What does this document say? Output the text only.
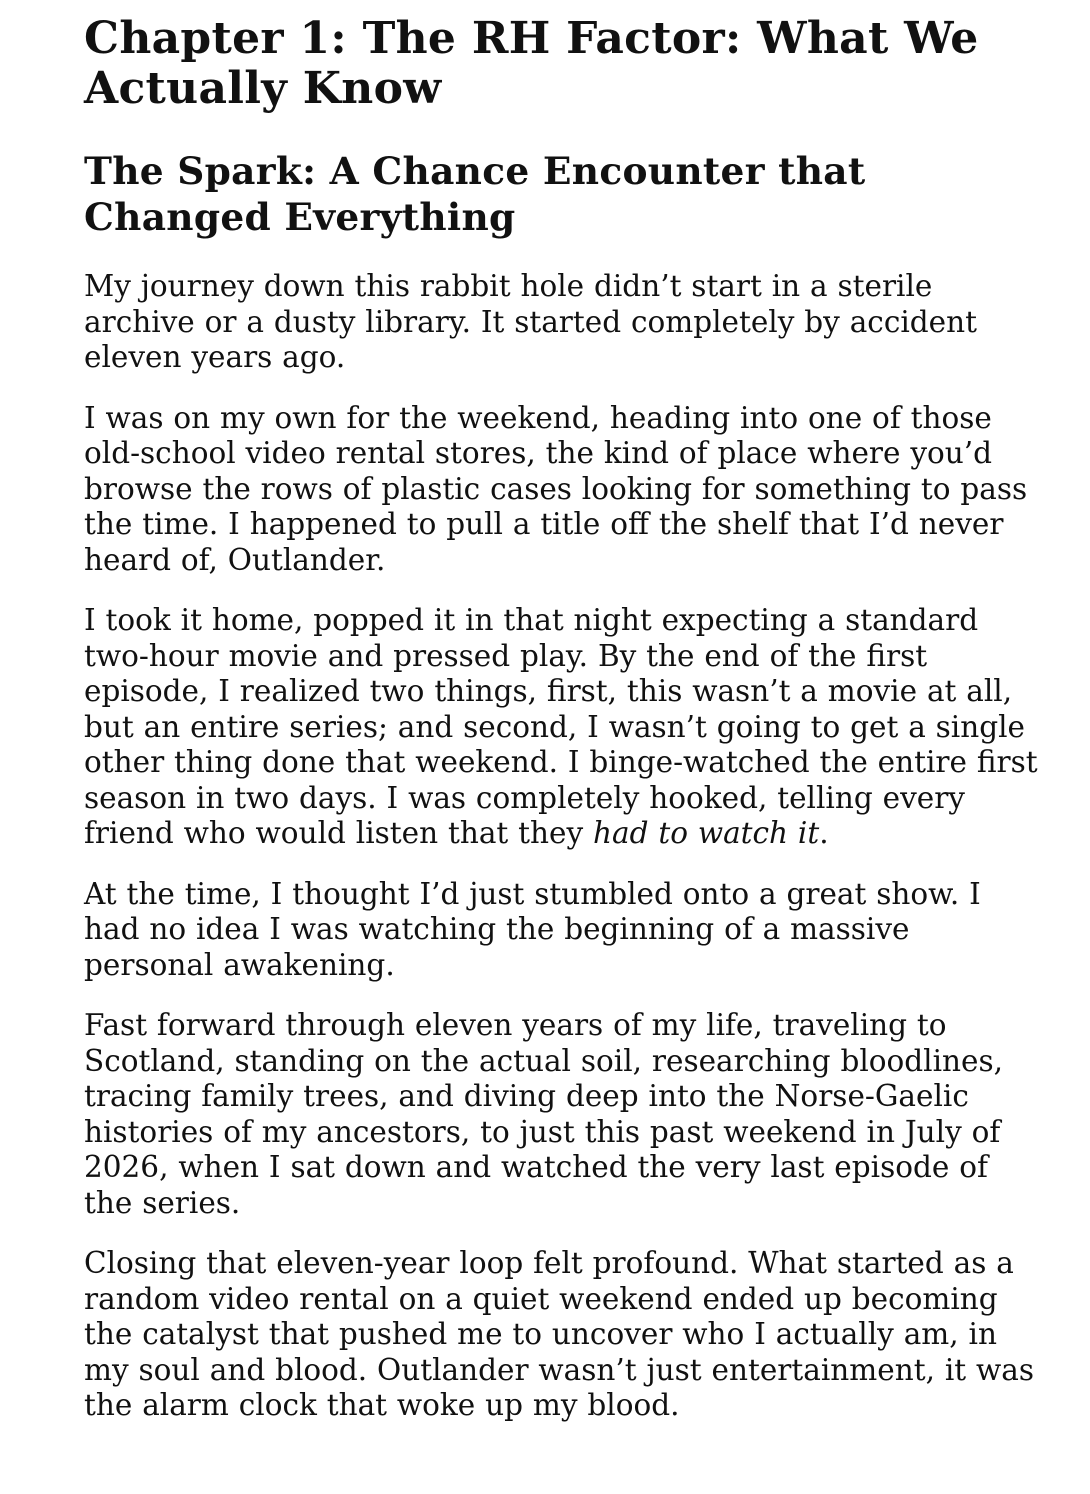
Chapter 1: The RH Factor: What We Actually Know
The Spark: A Chance Encounter that Changed Everything

My journey down this rabbit hole didn’t start in a sterile archive or a dusty library. It started completely by accident eleven years ago.

I was on my own for the weekend, heading into one of those old-school video rental stores, the kind of place where you’d browse the rows of plastic cases looking for something to pass the time. I happened to pull a title off the shelf that I’d never heard of, Outlander.

I took it home, popped it in that night expecting a standard two-hour movie and pressed play. By the end of the first episode, I realized two things, first, this wasn’t a movie at all, but an entire series; and second, I wasn’t going to get a single other thing done that weekend. I binge-watched the entire first season in two days. I was completely hooked, telling every friend who would listen that they had to watch it.

At the time, I thought I’d just stumbled onto a great show. I had no idea I was watching the beginning of a massive personal awakening.

Fast forward through eleven years of my life, traveling to Scotland, standing on the actual soil, researching bloodlines, tracing family trees, and diving deep into the Norse-Gaelic histories of my ancestors, to just this past weekend in July of 2026, when I sat down and watched the very last episode of the series.

Closing that eleven-year loop felt profound. What started as a random video rental on a quiet weekend ended up becoming the catalyst that pushed me to uncover who I actually am, in my soul and blood. Outlander wasn’t just entertainment, it was the alarm clock that woke up my blood.
